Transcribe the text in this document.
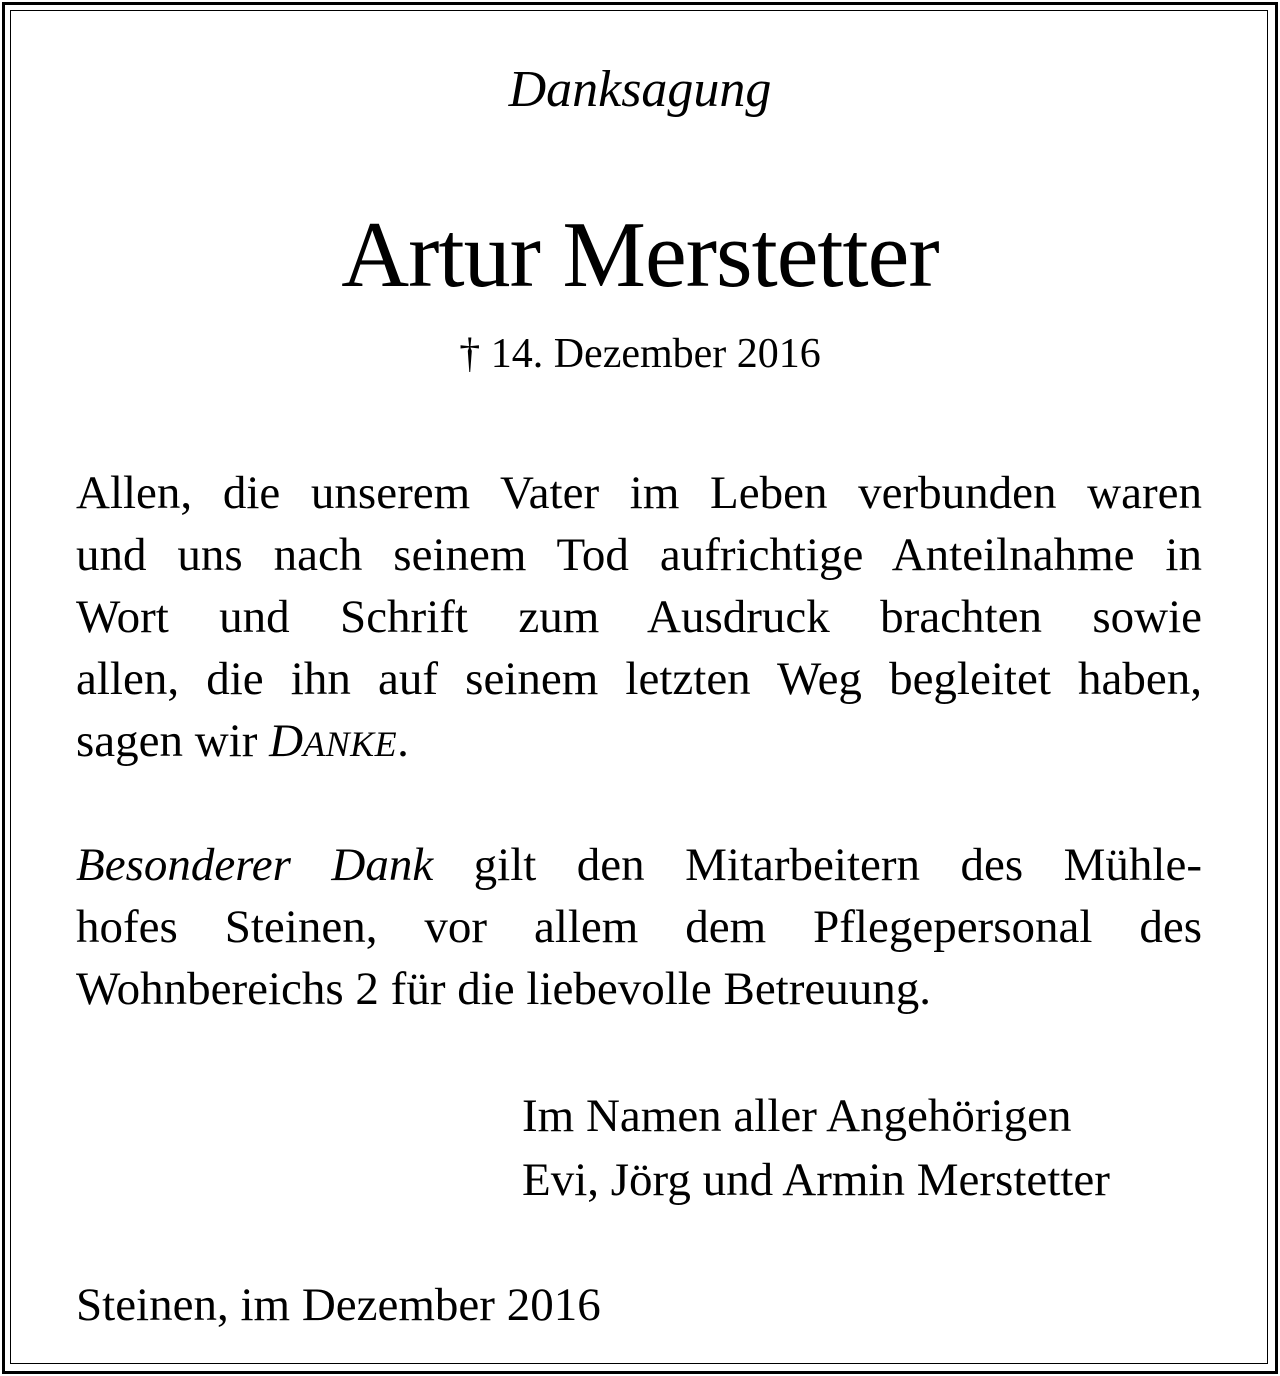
Danksagung
Artur Merstetter
† 14. Dezember 2016
Allen, die unserem Vater im Leben verbunden waren
und uns nach seinem Tod aufrichtige Anteilnahme in
Wort und Schrift zum Ausdruck brachten sowie
allen, die ihn auf seinem letzten Weg begleitet haben,
sagen wir DANKE.
Besonderer Dank gilt den Mitarbeitern des Mühle-
hofes Steinen, vor allem dem Pflegepersonal des
Wohnbereichs 2 für die liebevolle Betreuung.
Im Namen aller Angehörigen
Evi, Jörg und Armin Merstetter
Steinen, im Dezember 2016
